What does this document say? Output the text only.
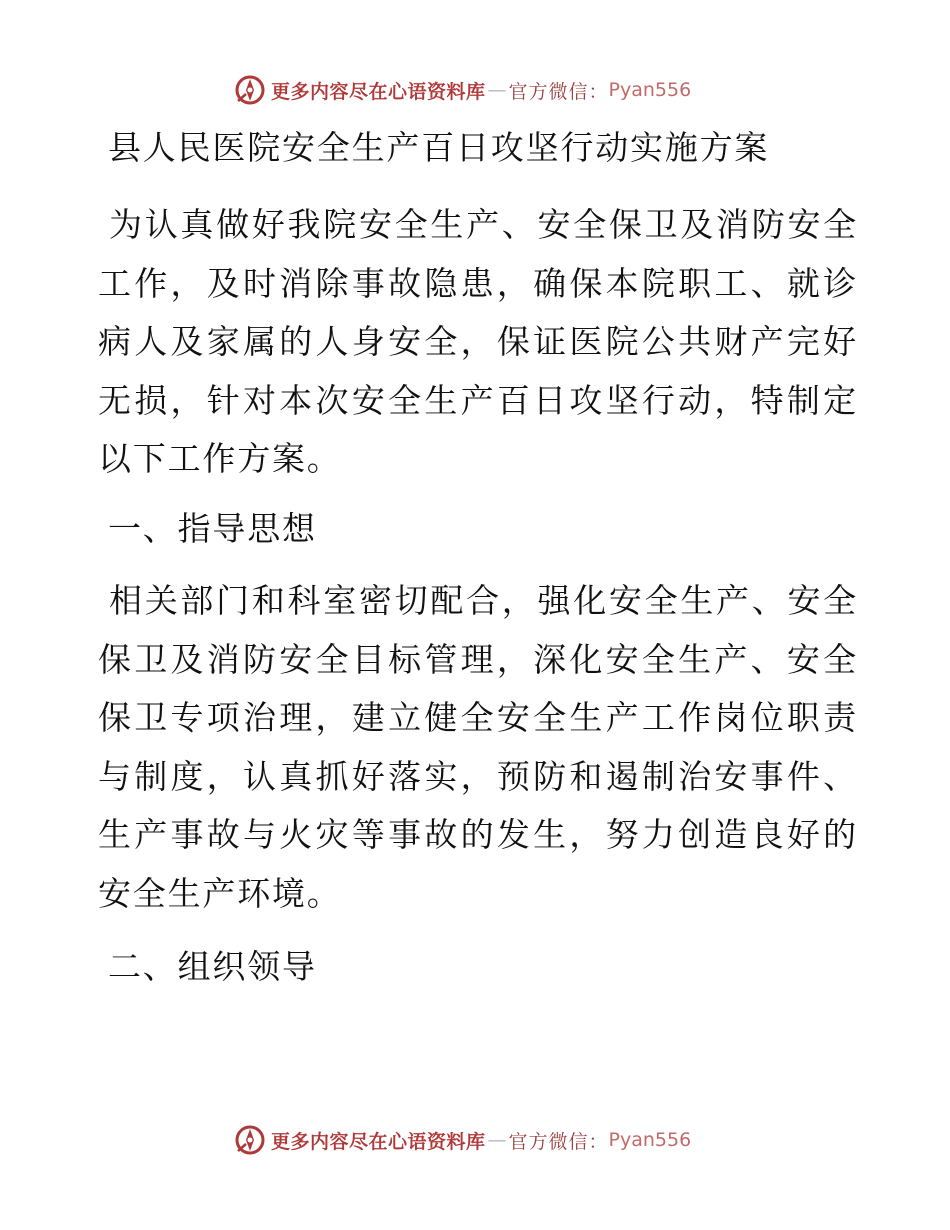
更多内容尽在心语资料库 — 官方微信： Pyan556
县人民医院安全生产百日攻坚行动实施方案

为认真做好我院安全生产、安全保卫及消防安全工作，及时消除事故隐患，确保本院职工、就诊病人及家属的人身安全，保证医院公共财产完好无损，针对本次安全生产百日攻坚行动，特制定以下工作方案。

一、指导思想

相关部门和科室密切配合，强化安全生产、安全保卫及消防安全目标管理，深化安全生产、安全保卫专项治理，建立健全安全生产工作岗位职责与制度，认真抓好落实，预防和遏制治安事件、生产事故与火灾等事故的发生，努力创造良好的安全生产环境。

二、组织领导
更多内容尽在心语资料库 — 官方微信： Pyan556
